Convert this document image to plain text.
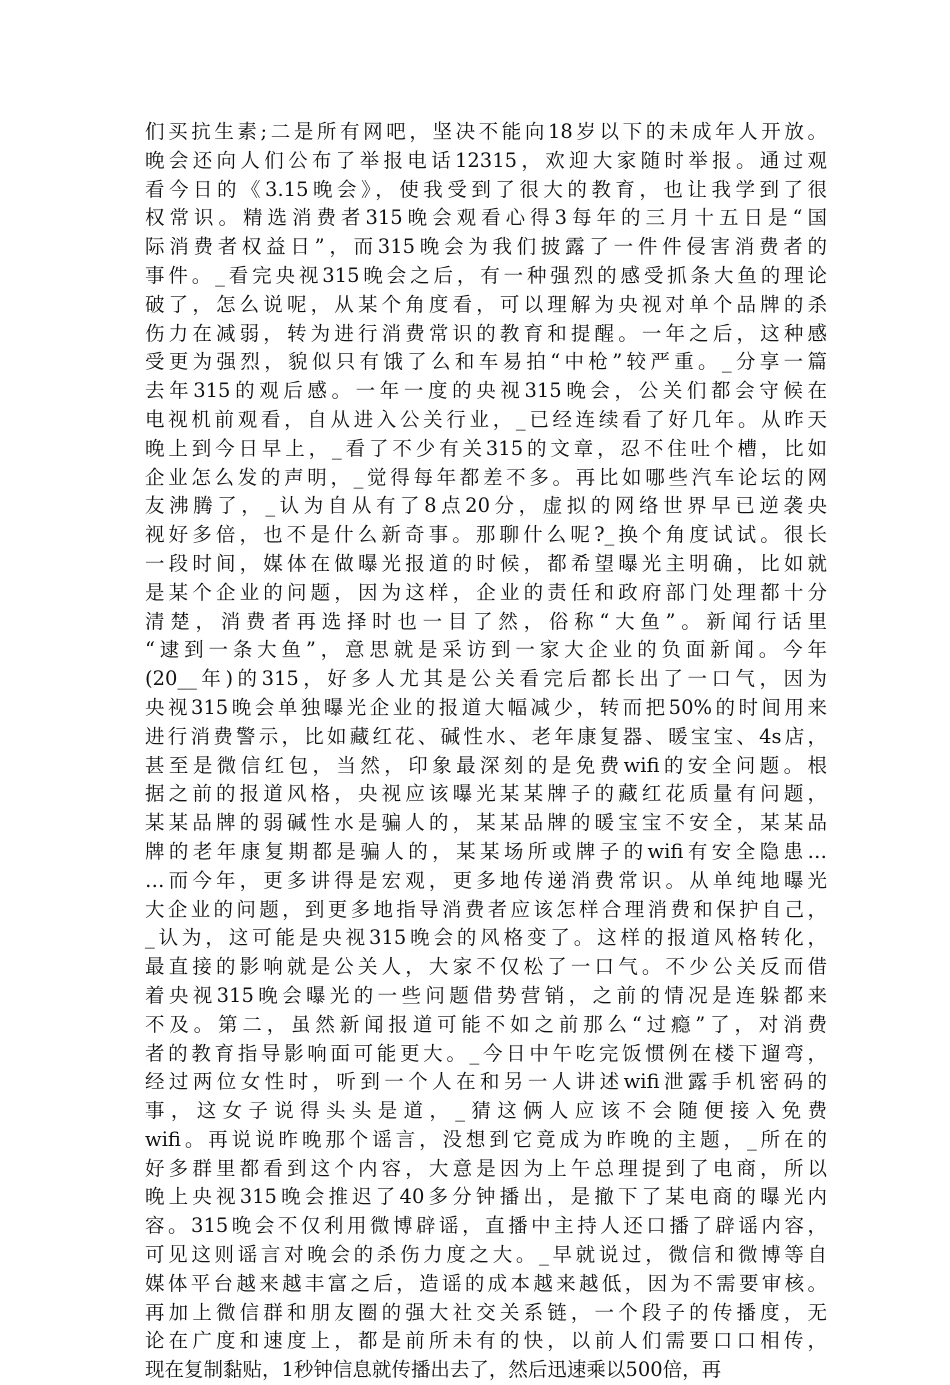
们买抗生素;二是所有网吧，坚决不能向18岁以下的未成年人开放。
晚会还向人们公布了举报电话12315，欢迎大家随时举报。通过观
看今日的《3.15晚会》，使我受到了很大的教育，也让我学到了很
权常识。精选消费者315晚会观看心得3每年的三月十五日是“国
际消费者权益日”，而315晚会为我们披露了一件件侵害消费者的
事件。_看完央视315晚会之后，有一种强烈的感受抓条大鱼的理论
破了，怎么说呢，从某个角度看，可以理解为央视对单个品牌的杀
伤力在减弱，转为进行消费常识的教育和提醒。一年之后，这种感
受更为强烈，貌似只有饿了么和车易拍“中枪”较严重。_分享一篇
去年315的观后感。一年一度的央视315晚会，公关们都会守候在
电视机前观看，自从进入公关行业，_已经连续看了好几年。从昨天
晚上到今日早上，_看了不少有关315的文章，忍不住吐个槽，比如
企业怎么发的声明，_觉得每年都差不多。再比如哪些汽车论坛的网
友沸腾了，_认为自从有了8点20分，虚拟的网络世界早已逆袭央
视好多倍，也不是什么新奇事。那聊什么呢?_换个角度试试。很长
一段时间，媒体在做曝光报道的时候，都希望曝光主明确，比如就
是某个企业的问题，因为这样，企业的责任和政府部门处理都十分
清楚，消费者再选择时也一目了然，俗称“大鱼”。新闻行话里
“逮到一条大鱼”，意思就是采访到一家大企业的负面新闻。今年
(20__年)的315，好多人尤其是公关看完后都长出了一口气，因为
央视315晚会单独曝光企业的报道大幅减少，转而把50%的时间用来
进行消费警示，比如藏红花、碱性水、老年康复器、暖宝宝、4s店，
甚至是微信红包，当然，印象最深刻的是免费wifi的安全问题。根
据之前的报道风格，央视应该曝光某某牌子的藏红花质量有问题，
某某品牌的弱碱性水是骗人的，某某品牌的暖宝宝不安全，某某品
牌的老年康复期都是骗人的，某某场所或牌子的wifi有安全隐患…
…而今年，更多讲得是宏观，更多地传递消费常识。从单纯地曝光
大企业的问题，到更多地指导消费者应该怎样合理消费和保护自己，
_认为，这可能是央视315晚会的风格变了。这样的报道风格转化，
最直接的影响就是公关人，大家不仅松了一口气。不少公关反而借
着央视315晚会曝光的一些问题借势营销，之前的情况是连躲都来
不及。第二，虽然新闻报道可能不如之前那么“过瘾”了，对消费
者的教育指导影响面可能更大。_今日中午吃完饭惯例在楼下遛弯，
经过两位女性时，听到一个人在和另一人讲述wifi泄露手机密码的
事，这女子说得头头是道，_猜这俩人应该不会随便接入免费
wifi。再说说昨晚那个谣言，没想到它竟成为昨晚的主题，_所在的
好多群里都看到这个内容，大意是因为上午总理提到了电商，所以
晚上央视315晚会推迟了40多分钟播出，是撤下了某电商的曝光内
容。315晚会不仅利用微博辟谣，直播中主持人还口播了辟谣内容，
可见这则谣言对晚会的杀伤力度之大。_早就说过，微信和微博等自
媒体平台越来越丰富之后，造谣的成本越来越低，因为不需要审核。
再加上微信群和朋友圈的强大社交关系链，一个段子的传播度，无
论在广度和速度上，都是前所未有的快，以前人们需要口口相传，
现在复制黏贴，1秒钟信息就传播出去了，然后迅速乘以500倍，再
